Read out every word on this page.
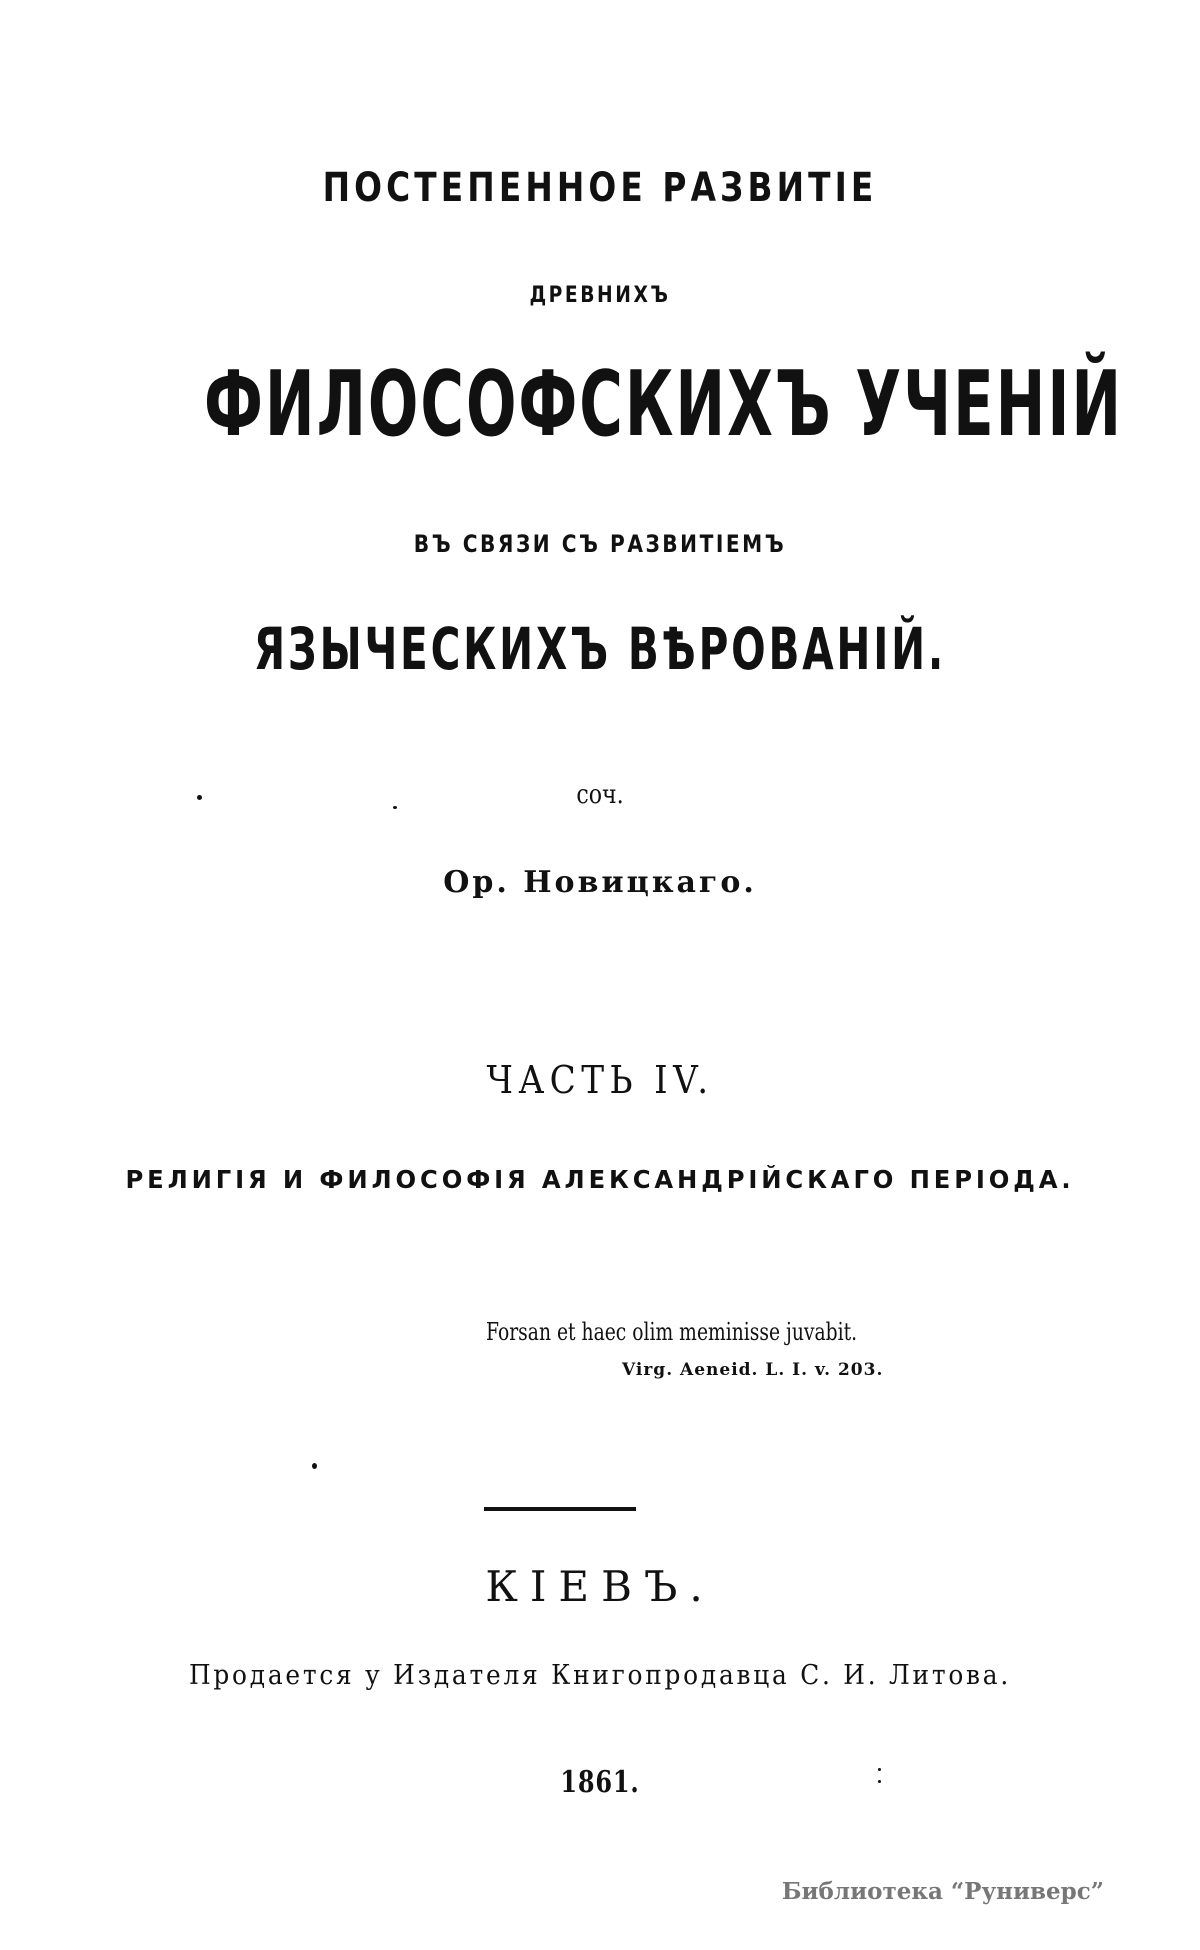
ПОСТЕПЕННОЕ РАЗВИТIЕ
ДРЕВНИХЪ
ФИЛОСОФСКИХЪ УЧЕНIЙ
ВЪ СВЯЗИ СЪ РАЗВИТIЕМЪ
ЯЗЫЧЕСКИХЪ ВѢРОВАНIЙ.
соч.
Ор. Новицкаго.
ЧАСТЬ IV.
РЕЛИГIЯ И ФИЛОСОФIЯ АЛЕКСАНДРIЙСКАГО ПЕРIОДА.
Forsan et haec olim meminisse juvabit.
Virg. Aeneid. L. I. v. 203.
КIЕВЪ.
Продается у Издателя Книгопродавца С. И. Литова.
1861.
Библиотека “Руниверс”
